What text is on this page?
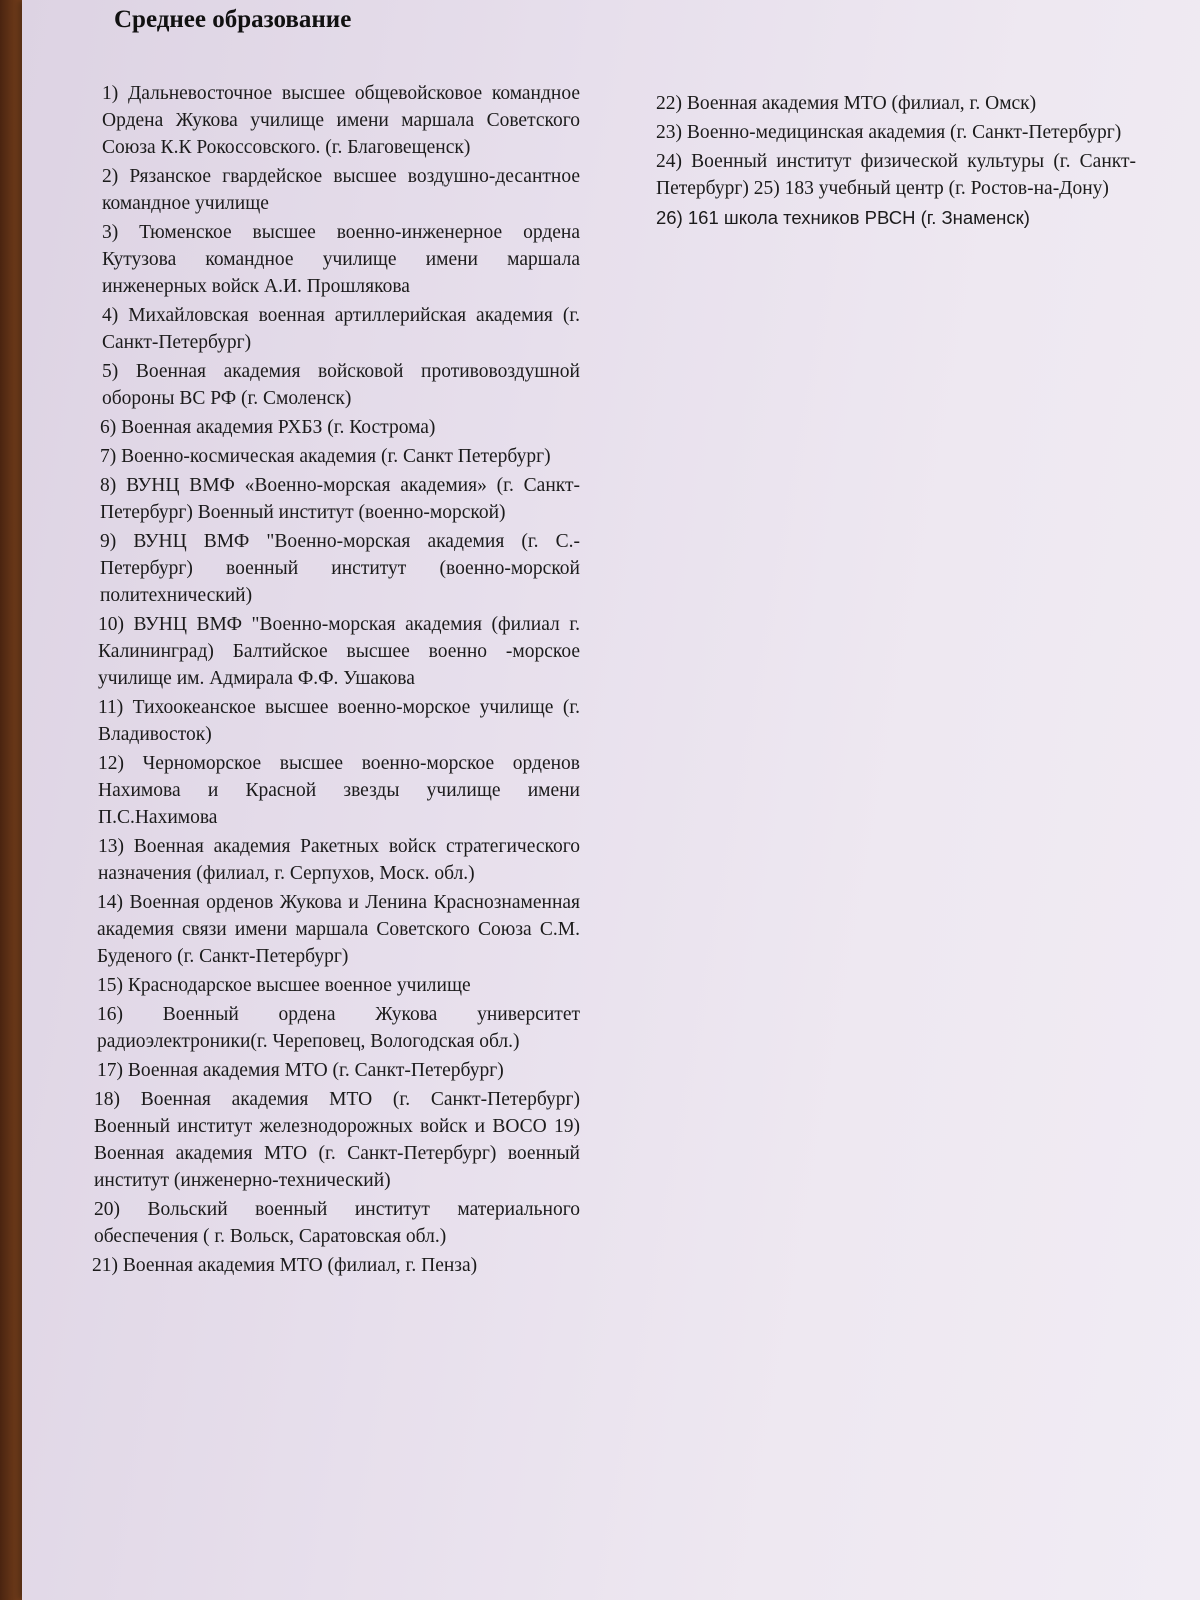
Среднее образование

1) Дальневосточное высшее общевойсковое командное Ордена Жукова училище имени маршала Советского Союза К.К Рокоссовского. (г. Благовещенск)

2) Рязанское гвардейское высшее воздушно-десантное командное училище

3) Тюменское высшее военно-инженерное ордена Кутузова командное училище имени маршала инженерных войск А.И. Прошлякова

4) Михайловская военная артиллерийская академия (г. Санкт-Петербург)

5) Военная академия войсковой противовоздушной обороны ВС РФ (г. Смоленск)

6) Военная академия РХБЗ (г. Кострома)

7) Военно-космическая академия (г. Санкт Петербург)

8) ВУНЦ ВМФ «Военно-морская академия» (г. Санкт-Петербург) Военный институт (военно-морской)

9) ВУНЦ ВМФ "Военно-морская академия (г. С.-Петербург) военный институт (военно-морской политехнический)

10) ВУНЦ ВМФ "Военно-морская академия (филиал г. Калининград) Балтийское высшее военно -морское училище им. Адмирала Ф.Ф. Ушакова

11) Тихоокеанское высшее военно-морское училище (г. Владивосток)

12) Черноморское высшее военно-морское орденов Нахимова и Красной звезды училище имени П.С.Нахимова

13) Военная академия Ракетных войск стратегического назначения (филиал, г. Серпухов, Моск. обл.)

14) Военная орденов Жукова и Ленина Краснознаменная академия связи имени маршала Советского Союза С.М. Буденого (г. Санкт-Петербург)

15) Краснодарское высшее военное училище

16) Военный ордена Жукова университет радиоэлектроники(г. Череповец, Вологодская обл.)

17) Военная академия МТО (г. Санкт-Петербург)

18) Военная академия МТО (г. Санкт-Петербург) Военный институт железнодорожных войск и ВОСО 19) Военная академия МТО (г. Санкт-Петербург) военный институт (инженерно-технический)

20) Вольский военный институт материального обеспечения ( г. Вольск, Саратовская обл.)

21) Военная академия МТО (филиал, г. Пенза)

22) Военная академия МТО (филиал, г. Омск)

23) Военно-медицинская академия (г. Санкт-Петербург)

24) Военный институт физической культуры (г. Санкт-Петербург) 25) 183 учебный центр (г. Ростов-на-Дону)

26) 161 школа техников РВСН (г. Знаменск)
